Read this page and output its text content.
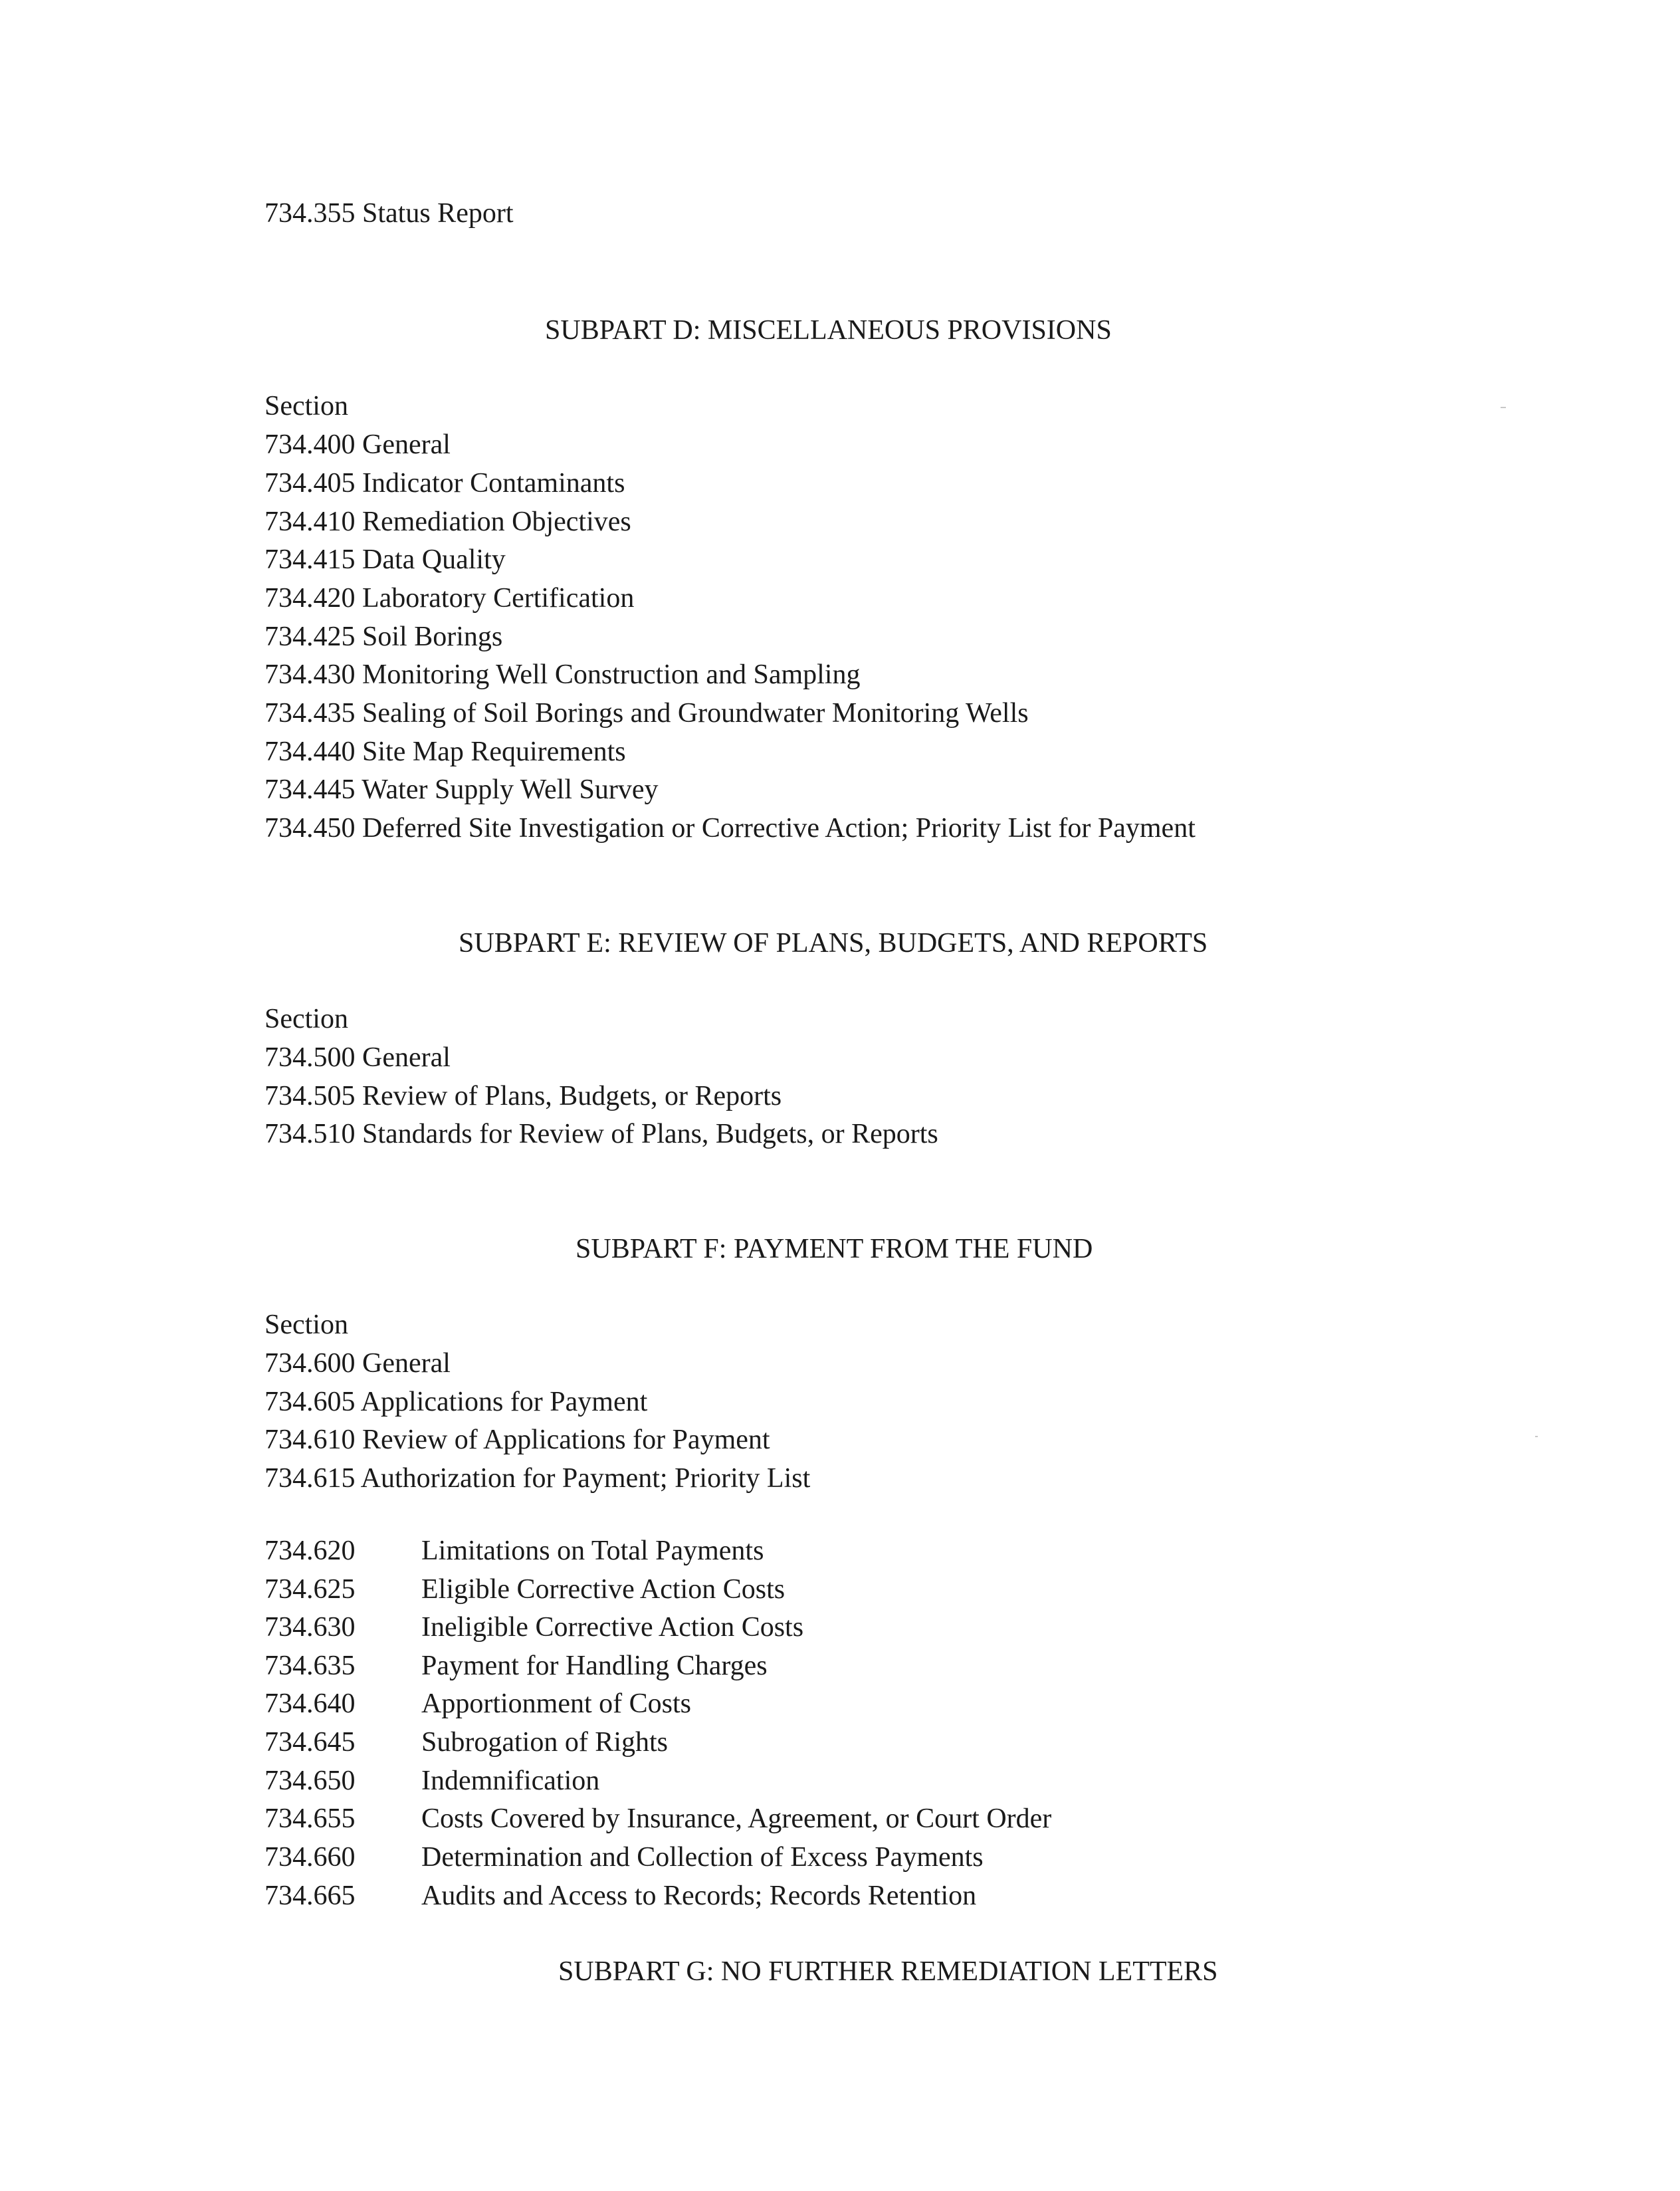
734.355 Status Report
SUBPART D: MISCELLANEOUS PROVISIONS
Section
734.400 General
734.405 Indicator Contaminants
734.410 Remediation Objectives
734.415 Data Quality
734.420 Laboratory Certification
734.425 Soil Borings
734.430 Monitoring Well Construction and Sampling
734.435 Sealing of Soil Borings and Groundwater Monitoring Wells
734.440 Site Map Requirements
734.445 Water Supply Well Survey
734.450 Deferred Site Investigation or Corrective Action; Priority List for Payment
SUBPART E: REVIEW OF PLANS, BUDGETS, AND REPORTS
Section
734.500 General
734.505 Review of Plans, Budgets, or Reports
734.510 Standards for Review of Plans, Budgets, or Reports
SUBPART F: PAYMENT FROM THE FUND
Section
734.600 General
734.605 Applications for Payment
734.610 Review of Applications for Payment
734.615 Authorization for Payment; Priority List
734.620 Limitations on Total Payments
734.625 Eligible Corrective Action Costs
734.630 Ineligible Corrective Action Costs
734.635 Payment for Handling Charges
734.640 Apportionment of Costs
734.645 Subrogation of Rights
734.650 Indemnification
734.655 Costs Covered by Insurance, Agreement, or Court Order
734.660 Determination and Collection of Excess Payments
734.665 Audits and Access to Records; Records Retention
SUBPART G: NO FURTHER REMEDIATION LETTERS
